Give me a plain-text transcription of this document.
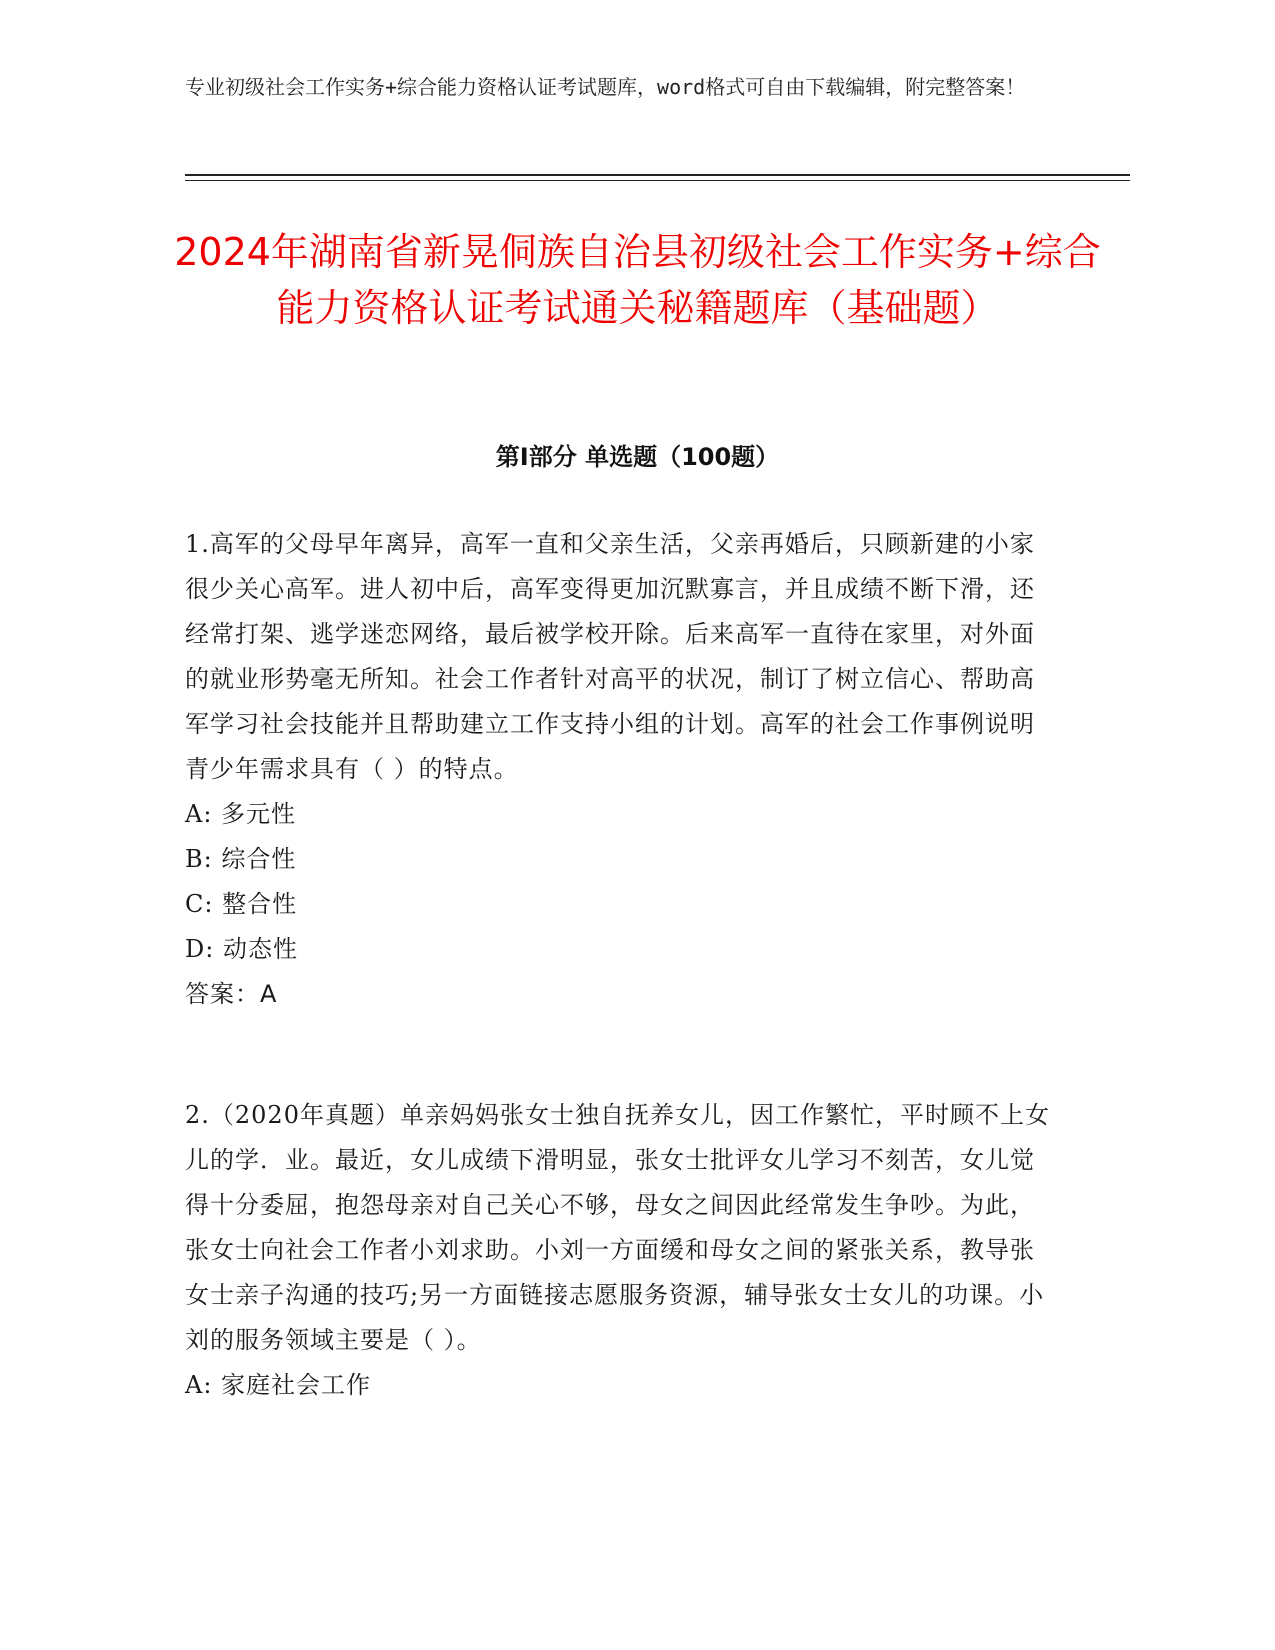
专业初级社会工作实务+综合能力资格认证考试题库，word格式可自由下载编辑，附完整答案！
2024年湖南省新晃侗族自治县初级社会工作实务+综合能力资格认证考试通关秘籍题库（基础题）
第Ⅰ部分 单选题（100题）

1.高军的父母早年离异，高军一直和父亲生活，父亲再婚后，只顾新建的小家很少关心高军。进人初中后，高军变得更加沉默寡言，并且成绩不断下滑，还经常打架、逃学迷恋网络，最后被学校开除。后来高军一直待在家里，对外面的就业形势毫无所知。社会工作者针对高平的状况，制订了树立信心、帮助高军学习社会技能并且帮助建立工作支持小组的计划。高军的社会工作事例说明青少年需求具有（ ）的特点。

A: 多元性

B: 综合性

C: 整合性

D: 动态性

答案：A

2.（2020年真题）单亲妈妈张女士独自抚养女儿，因工作繁忙，平时顾不上女儿的学．业。最近，女儿成绩下滑明显，张女士批评女儿学习不刻苦，女儿觉得十分委屈，抱怨母亲对自己关心不够，母女之间因此经常发生争吵。为此，张女士向社会工作者小刘求助。小刘一方面缓和母女之间的紧张关系，教导张女士亲子沟通的技巧;另一方面链接志愿服务资源，辅导张女士女儿的功课。小刘的服务领域主要是（ ）。

A: 家庭社会工作
